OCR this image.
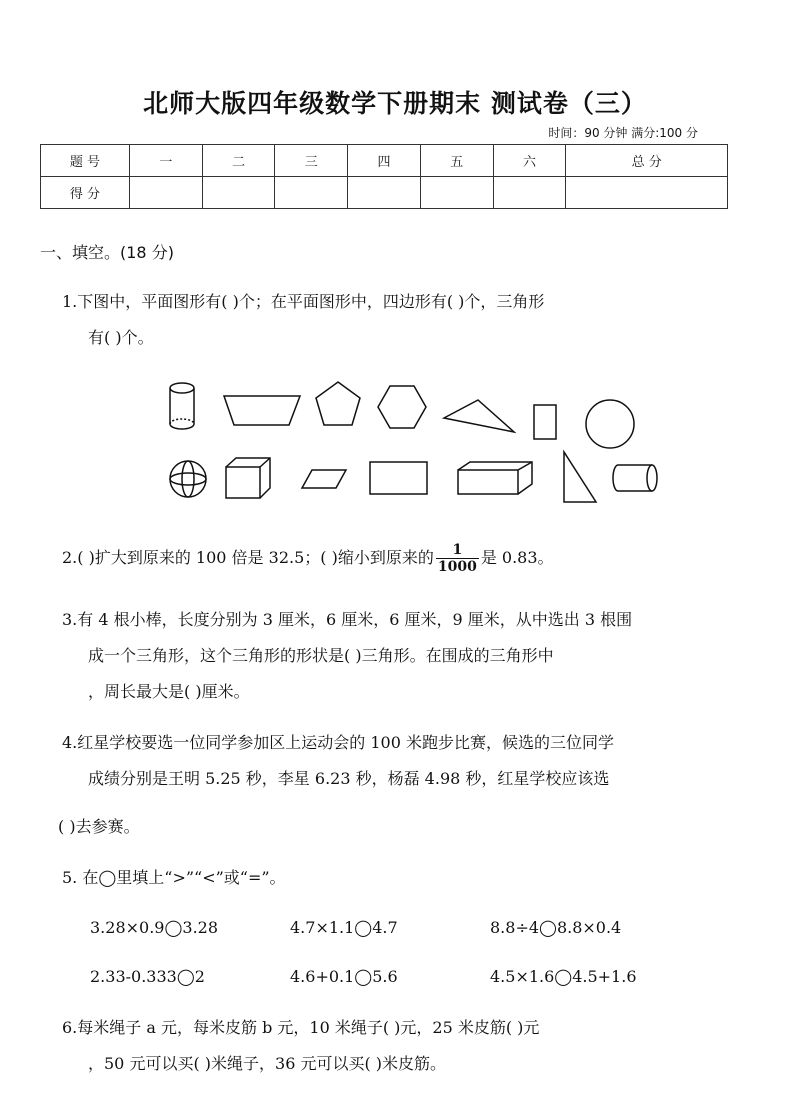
北师大版四年级数学下册期末 测试卷（三）
时间：90 分钟 满分:100 分
题 号	一	二	三	四	五	六	总 分
得 分							
一、填空。(18 分)
1.下图中，平面图形有( )个；在平面图形中，四边形有( )个，三角形
有( )个。
2.( )扩大到原来的 100 倍是 32.5；( )缩小到原来的 $\frac{1}{1000}$ 是 0.83。
3.有 4 根小棒，长度分别为 3 厘米，6 厘米，6 厘米，9 厘米，从中选出 3 根围
成一个三角形，这个三角形的形状是( )三角形。在围成的三角形中
，周长最大是( )厘米。
4.红星学校要选一位同学参加区上运动会的 100 米跑步比赛，候选的三位同学
成绩分别是王明 5.25 秒，李星 6.23 秒，杨磊 4.98 秒，红星学校应该选
( )去参赛。
5. 在◯里填上“>”“<”或“=”。
3.28×0.9◯3.28	4.7×1.1◯4.7	8.8÷4◯8.8×0.4
2.33-0.333◯2	4.6+0.1◯5.6	4.5×1.6◯4.5+1.6
6.每米绳子 a 元，每米皮筋 b 元，10 米绳子( )元，25 米皮筋( )元
，50 元可以买( )米绳子，36 元可以买( )米皮筋。
